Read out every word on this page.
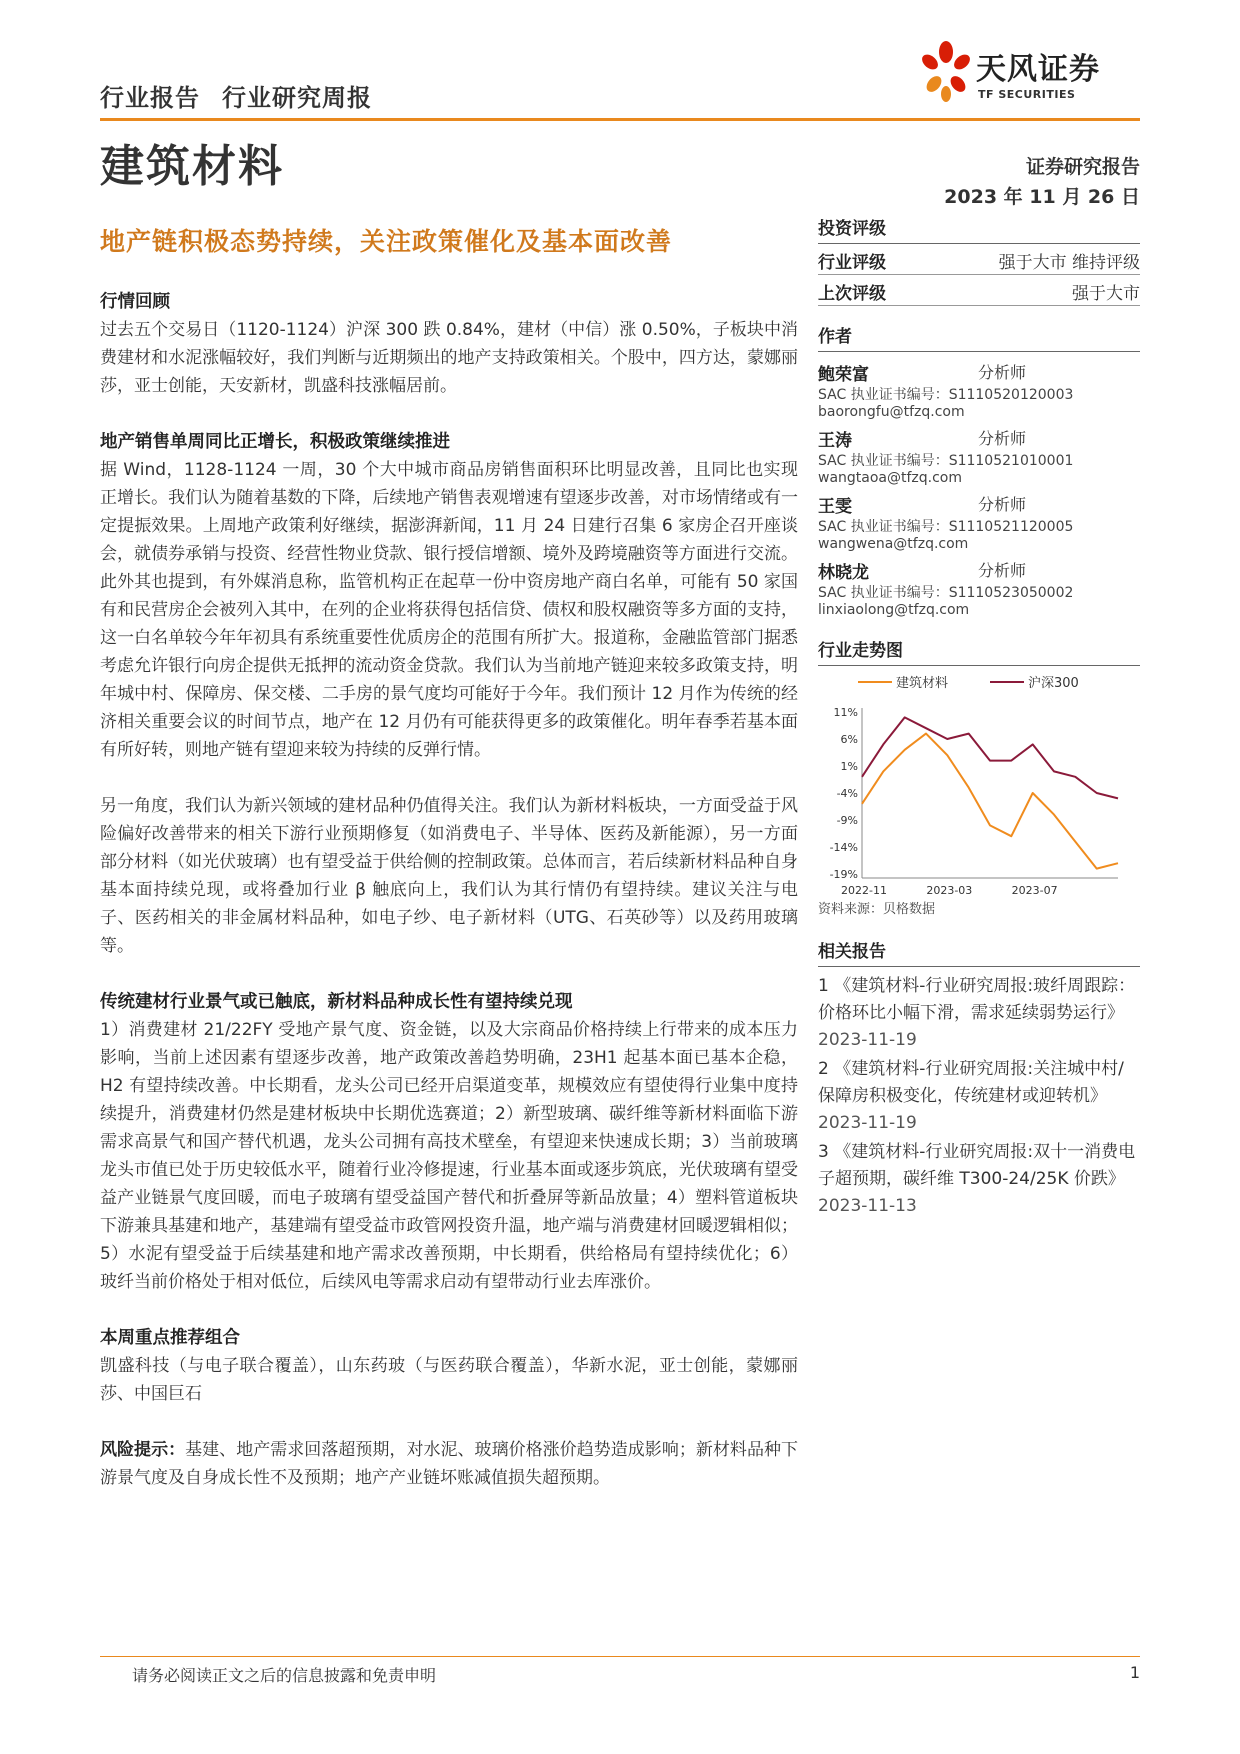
行业报告 行业研究周报
天风证券
TF SECURITIES
建筑材料	证券研究报告
2023 年 11 月 26 日
地产链积极态势持续，关注政策催化及基本面改善
行情回顾

过去五个交易日（1120-1124）沪深 300 跌 0.84%，建材（中信）涨 0.50%，子板块中消费建材和水泥涨幅较好，我们判断与近期频出的地产支持政策相关。个股中，四方达，蒙娜丽莎，亚士创能，天安新材，凯盛科技涨幅居前。

地产销售单周同比正增长，积极政策继续推进

据 Wind，1128-1124 一周，30 个大中城市商品房销售面积环比明显改善，且同比也实现正增长。我们认为随着基数的下降，后续地产销售表观增速有望逐步改善，对市场情绪或有一定提振效果。上周地产政策利好继续，据澎湃新闻，11 月 24 日建行召集 6 家房企召开座谈会，就债券承销与投资、经营性物业贷款、银行授信增额、境外及跨境融资等方面进行交流。此外其也提到，有外媒消息称，监管机构正在起草一份中资房地产商白名单，可能有 50 家国有和民营房企会被列入其中，在列的企业将获得包括信贷、债权和股权融资等多方面的支持，这一白名单较今年年初具有系统重要性优质房企的范围有所扩大。报道称，金融监管部门据悉考虑允许银行向房企提供无抵押的流动资金贷款。我们认为当前地产链迎来较多政策支持，明年城中村、保障房、保交楼、二手房的景气度均可能好于今年。我们预计 12 月作为传统的经济相关重要会议的时间节点，地产在 12 月仍有可能获得更多的政策催化。明年春季若基本面有所好转，则地产链有望迎来较为持续的反弹行情。

另一角度，我们认为新兴领域的建材品种仍值得关注。我们认为新材料板块，一方面受益于风险偏好改善带来的相关下游行业预期修复（如消费电子、半导体、医药及新能源），另一方面部分材料（如光伏玻璃）也有望受益于供给侧的控制政策。总体而言，若后续新材料品种自身基本面持续兑现，或将叠加行业 β 触底向上，我们认为其行情仍有望持续。建议关注与电子、医药相关的非金属材料品种，如电子纱、电子新材料（UTG、石英砂等）以及药用玻璃等。

传统建材行业景气或已触底，新材料品种成长性有望持续兑现

1）消费建材 21/22FY 受地产景气度、资金链，以及大宗商品价格持续上行带来的成本压力影响，当前上述因素有望逐步改善，地产政策改善趋势明确，23H1 起基本面已基本企稳，H2 有望持续改善。中长期看，龙头公司已经开启渠道变革，规模效应有望使得行业集中度持续提升，消费建材仍然是建材板块中长期优选赛道；2）新型玻璃、碳纤维等新材料面临下游需求高景气和国产替代机遇，龙头公司拥有高技术壁垒，有望迎来快速成长期；3）当前玻璃龙头市值已处于历史较低水平，随着行业冷修提速，行业基本面或逐步筑底，光伏玻璃有望受益产业链景气度回暖，而电子玻璃有望受益国产替代和折叠屏等新品放量；4）塑料管道板块下游兼具基建和地产，基建端有望受益市政管网投资升温，地产端与消费建材回暖逻辑相似；5）水泥有望受益于后续基建和地产需求改善预期，中长期看，供给格局有望持续优化；6）玻纤当前价格处于相对低位，后续风电等需求启动有望带动行业去库涨价。

本周重点推荐组合

凯盛科技（与电子联合覆盖），山东药玻（与医药联合覆盖），华新水泥，亚士创能，蒙娜丽莎、中国巨石

风险提示：基建、地产需求回落超预期，对水泥、玻璃价格涨价趋势造成影响；新材料品种下游景气度及自身成长性不及预期；地产产业链坏账减值损失超预期。

投资评级
行业评级	强于大市 维持评级
上次评级	强于大市
作者
鲍荣富	分析师
SAC 执业证书编号：S1110520120003
baorongfu@tfzq.com
王涛	分析师
SAC 执业证书编号：S1110521010001
wangtaoa@tfzq.com
王雯	分析师
SAC 执业证书编号：S1110521120005
wangwena@tfzq.com
林晓龙	分析师
SAC 执业证书编号：S1110523050002
linxiaolong@tfzq.com
行业走势图
建筑材料	沪深300
11%
6%
1%
-4%
-9%
-14%
-19%
2022-11	2023-03	2023-07
资料来源：贝格数据
相关报告
1 《建筑材料-行业研究周报:玻纤周跟踪：价格环比小幅下滑，需求延续弱势运行》 2023-11-19
2 《建筑材料-行业研究周报:关注城中村/保障房积极变化，传统建材或迎转机》 2023-11-19
3 《建筑材料-行业研究周报:双十一消费电子超预期，碳纤维 T300-24/25K 价跌》 2023-11-13
请务必阅读正文之后的信息披露和免责申明	1
